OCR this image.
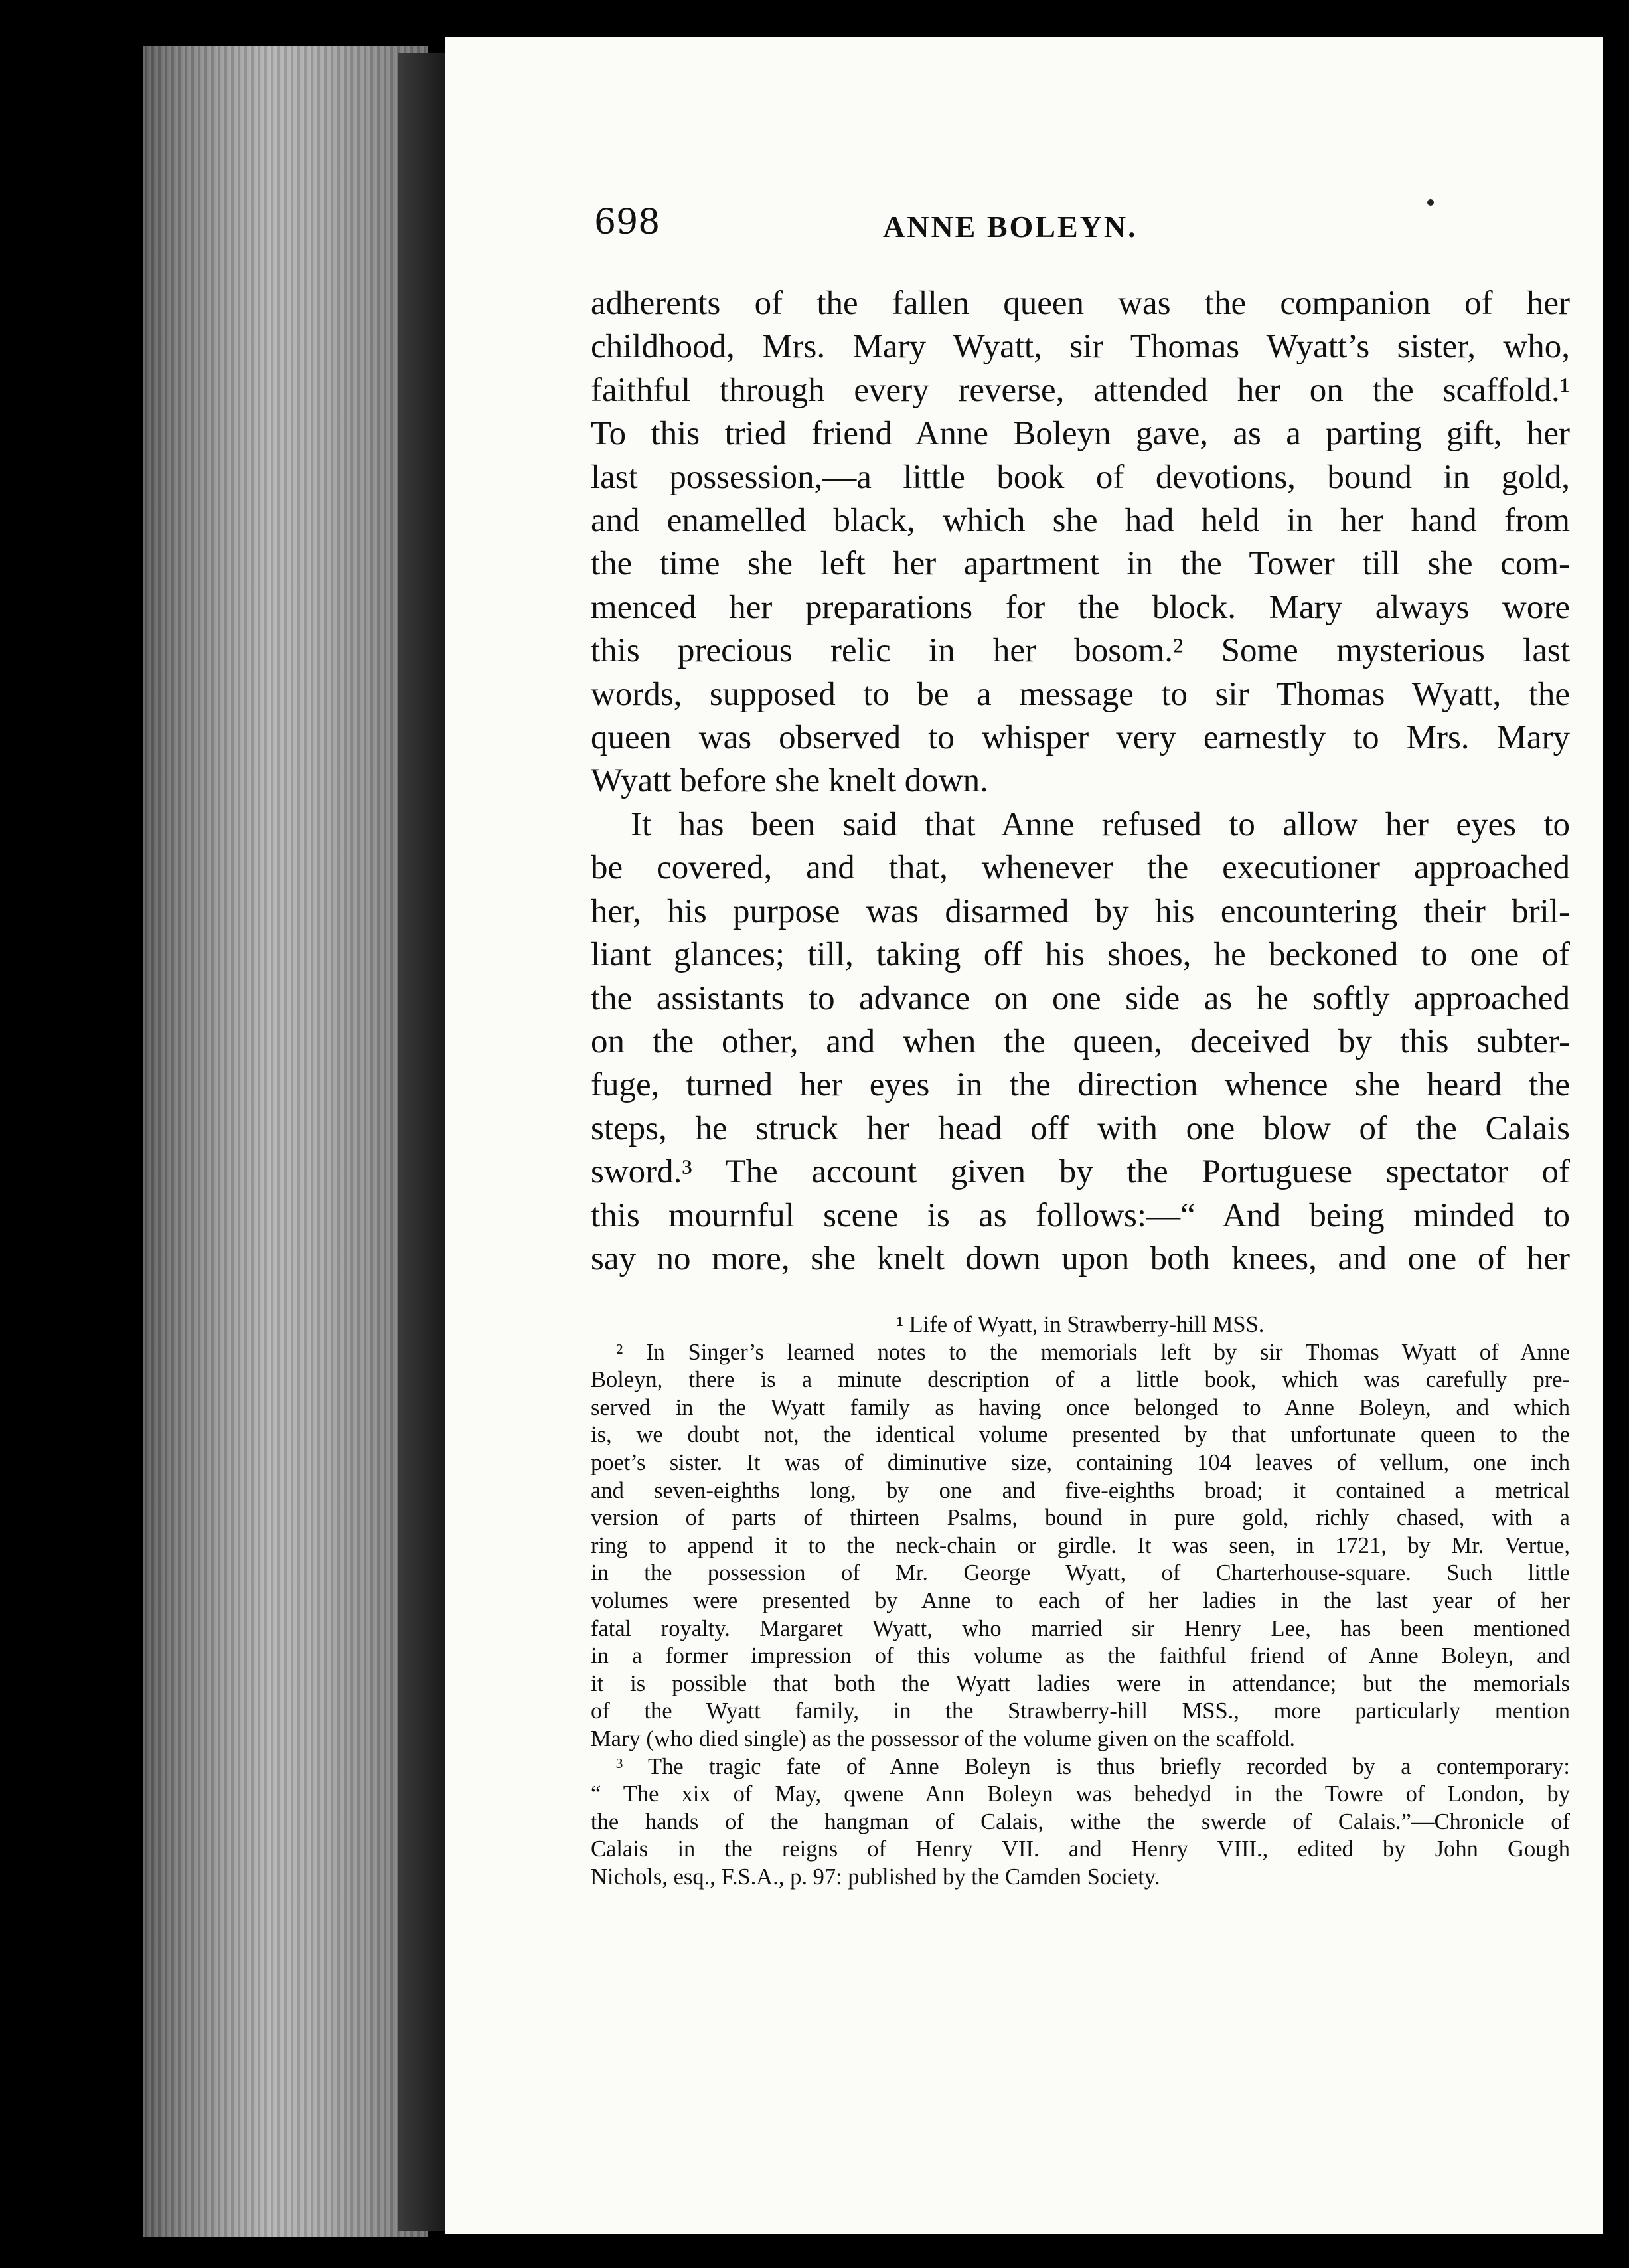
698	ANNE BOLEYN.
adherents of the fallen queen was the companion of her
childhood, Mrs. Mary Wyatt, sir Thomas Wyatt’s sister, who,
faithful through every reverse, attended her on the scaffold.¹
To this tried friend Anne Boleyn gave, as a parting gift, her
last possession,—a little book of devotions, bound in gold,
and enamelled black, which she had held in her hand from
the time she left her apartment in the Tower till she com-
menced her preparations for the block. Mary always wore
this precious relic in her bosom.² Some mysterious last
words, supposed to be a message to sir Thomas Wyatt, the
queen was observed to whisper very earnestly to Mrs. Mary
Wyatt before she knelt down.
It has been said that Anne refused to allow her eyes to
be covered, and that, whenever the executioner approached
her, his purpose was disarmed by his encountering their bril-
liant glances; till, taking off his shoes, he beckoned to one of
the assistants to advance on one side as he softly approached
on the other, and when the queen, deceived by this subter-
fuge, turned her eyes in the direction whence she heard the
steps, he struck her head off with one blow of the Calais
sword.³ The account given by the Portuguese spectator of
this mournful scene is as follows:—“ And being minded to
say no more, she knelt down upon both knees, and one of her
¹ Life of Wyatt, in Strawberry-hill MSS.
² In Singer’s learned notes to the memorials left by sir Thomas Wyatt of Anne
Boleyn, there is a minute description of a little book, which was carefully pre-
served in the Wyatt family as having once belonged to Anne Boleyn, and which
is, we doubt not, the identical volume presented by that unfortunate queen to the
poet’s sister. It was of diminutive size, containing 104 leaves of vellum, one inch
and seven-eighths long, by one and five-eighths broad; it contained a metrical
version of parts of thirteen Psalms, bound in pure gold, richly chased, with a
ring to append it to the neck-chain or girdle. It was seen, in 1721, by Mr. Vertue,
in the possession of Mr. George Wyatt, of Charterhouse-square. Such little
volumes were presented by Anne to each of her ladies in the last year of her
fatal royalty. Margaret Wyatt, who married sir Henry Lee, has been mentioned
in a former impression of this volume as the faithful friend of Anne Boleyn, and
it is possible that both the Wyatt ladies were in attendance; but the memorials
of the Wyatt family, in the Strawberry-hill MSS., more particularly mention
Mary (who died single) as the possessor of the volume given on the scaffold.
³ The tragic fate of Anne Boleyn is thus briefly recorded by a contemporary:
“ The xix of May, qwene Ann Boleyn was behedyd in the Towre of London, by
the hands of the hangman of Calais, withe the swerde of Calais.”—Chronicle of
Calais in the reigns of Henry VII. and Henry VIII., edited by John Gough
Nichols, esq., F.S.A., p. 97: published by the Camden Society.
